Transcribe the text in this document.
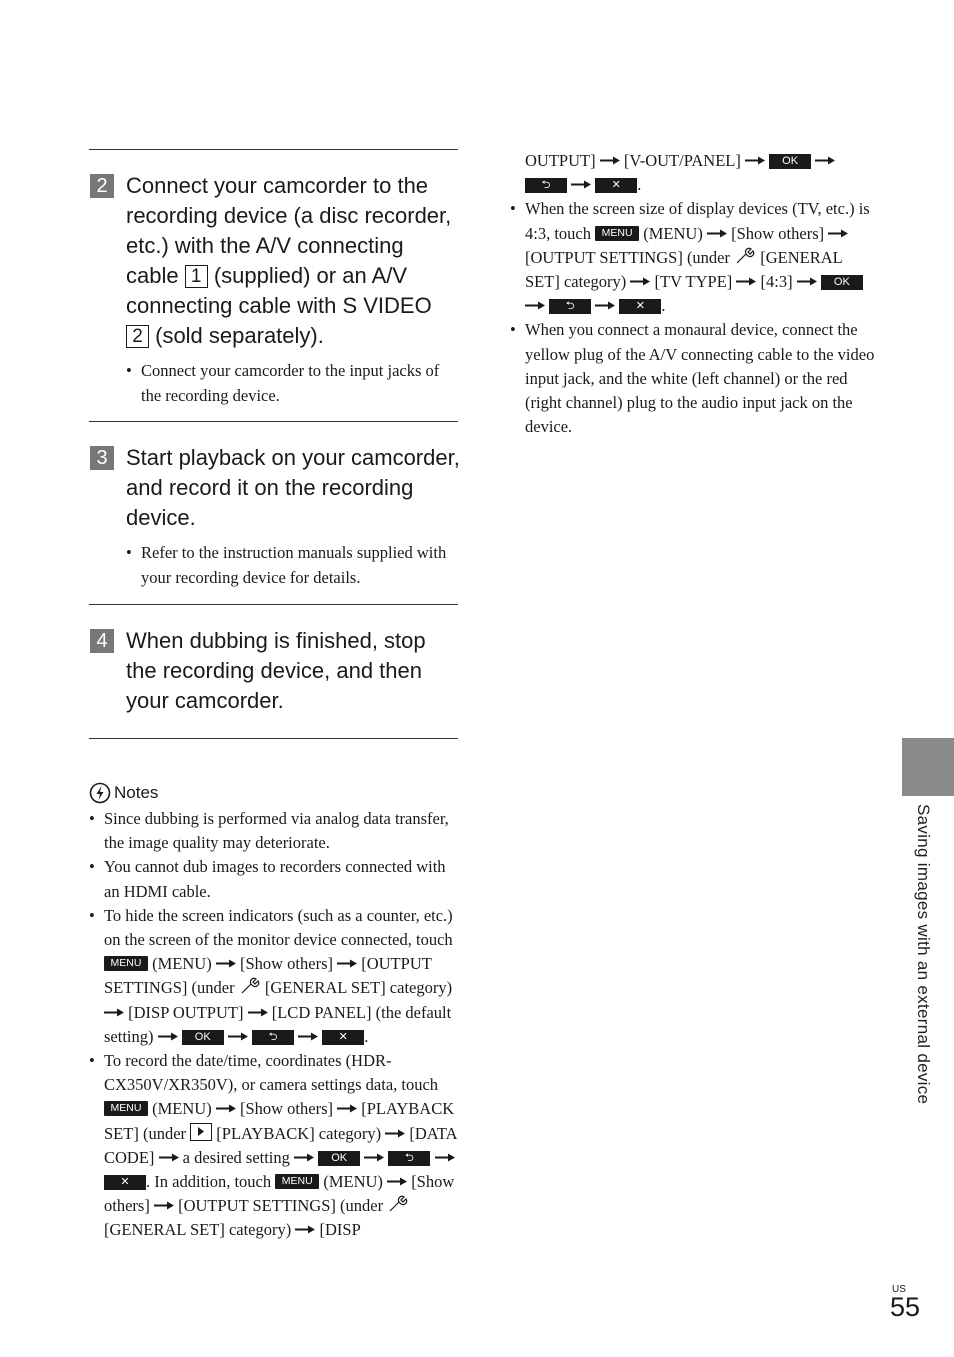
2 Connect your camcorder to the recording device (a disc recorder, etc.) with the A/V connecting cable 1 (supplied) or an A/V connecting cable with S VIDEO 2 (sold separately).
• Connect your camcorder to the input jacks of the recording device.
3 Start playback on your camcorder, and record it on the recording device.
• Refer to the instruction manuals supplied with your recording device for details.
4 When dubbing is finished, stop the recording device, and then your camcorder.
Notes
• Since dubbing is performed via analog data transfer, the image quality may deteriorate.
• You cannot dub images to recorders connected with an HDMI cable.
• To hide the screen indicators (such as a counter, etc.) on the screen of the monitor device connected, touch MENU (MENU)  [Show others]  [OUTPUT SETTINGS] (under  [GENERAL SET] category)  [DISP OUTPUT]  [LCD PANEL] (the default setting)	OK	⮌	✕ .
• To record the date/time, coordinates (HDR-CX350V/XR350V), or camera settings data, touch MENU (MENU)  [Show others]  [PLAYBACK SET] (under
[PLAYBACK] category)  [DATA CODE]  a desired setting	OK	⮌  ✕ . In addition, touch MENU (MENU)  [Show others]  [OUTPUT SETTINGS] (under  [GENERAL SET] category)  [DISP
OUTPUT]  [V-OUT/PANEL]	OK  ⮌	✕ .
• When the screen size of display devices (TV, etc.) is 4:3, touch MENU (MENU)  [Show others]  [OUTPUT SETTINGS] (under  [GENERAL SET] category)  [TV TYPE]  [4:3]	OK  ⮌	✕ .
• When you connect a monaural device, connect the yellow plug of the A/V connecting cable to the video input jack, and the white (left channel) or the red (right channel) plug to the audio input jack on the device.
Saving images with an external device
US
55
